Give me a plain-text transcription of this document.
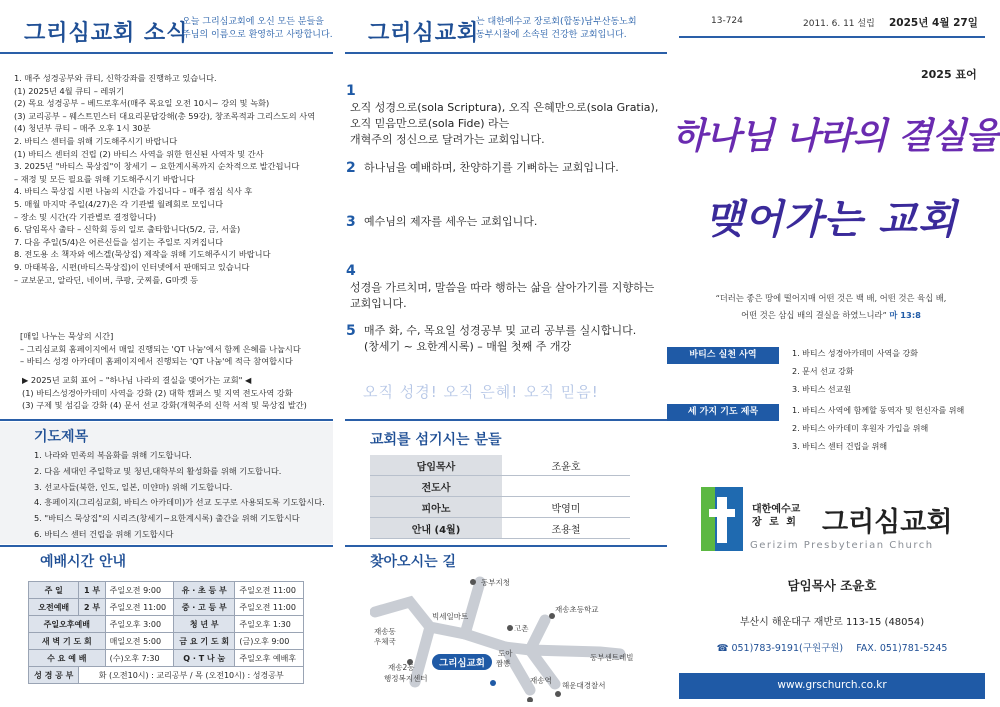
그리심교회 소식
오늘 그리심교회에 오신 모든 분들을
주님의 이름으로 환영하고 사랑합니다.
1. 매주 성경공부와 큐티, 신학강좌를 진행하고 있습니다.
(1) 2025년 4월 큐티 – 레위기
(2) 목요 성경공부 – 베드로후서(매주 목요일 오전 10시~ 강의 및 녹화)
(3) 교리공부 – 웨스트민스터 대요리문답강해(총 59강), 창조목적과 그리스도의 사역
(4) 청년부 큐티 – 매주 오후 1시 30분
2. 바티스 센터를 위해 기도해주시기 바랍니다
(1) 바티스 센터의 건립 (2) 바티스 사역을 위한 헌신된 사역자 및 간사
3. 2025년 "바티스 묵상집"이 창세기 ~ 요한계시록까지 순차적으로 발간됩니다
– 재정 및 모든 필요를 위해 기도해주시기 바랍니다
4. 바티스 묵상집 시편 나눔의 시간을 가집니다 – 매주 점심 식사 후
5. 매월 마지막 주일(4/27)은 각 기관별 월례회로 모입니다
– 장소 및 시간(각 기관별로 결정합니다)
6. 담임목사 출타 – 신학회 등의 일로 출타합니다(5/2, 금, 서울)
7. 다음 주일(5/4)은 어른신들을 섬기는 주일로 지켜집니다
8. 전도용 소 책자와 에스겔(묵상집) 제작을 위해 기도해주시기 바랍니다
9. 마태복음, 시편(바티스묵상집)이 인터넷에서 판매되고 있습니다
– 교보문고, 알라딘, 네이버, 쿠팡, 굿찌를, G마켓 등
[매일 나누는 묵상의 시간]
– 그리심교회 홈페이지에서 매일 진행되는 'QT 나눔'에서 함께 은혜를 나눕시다
– 바티스 성경 아카데미 홈페이지에서 진행되는 'QT 나눔'에 적극 참여합시다
▶ 2025년 교회 표어 – "하나님 나라의 결실을 맺어가는 교회" ◀
(1) 바티스성경아카데미 사역을 강화 (2) 대학 캠퍼스 및 지역 전도사역 강화
(3) 구제 및 섬김을 강화 (4) 문서 선교 강화(개혁주의 신학 서적 및 묵상집 발간)
기도제목
1. 나라와 민족의 복음화를 위해 기도합니다.
2. 다음 세대인 주일학교 및 청년,대학부의 활성화를 위해 기도합니다.
3. 선교사들(북한, 인도, 일본, 미얀마) 위해 기도합니다.
4. 흥페이지(그리심교회, 바티스 아카데미)가 선교 도구로 사용되도록 기도합시다.
5. "바티스 묵상집"의 시리즈(창세기~요한계시록) 출간을 위해 기도합시다
6. 바티스 센터 건립을 위해 기도합시다
예배시간 안내
주 일	1 부	주일오전 9:00	유 · 초 등 부	주일오전 11:00
오전예배	2 부	주일오전 11:00	중 · 고 등 부	주일오전 11:00
주일오후예배		주일오후 3:00	청 년 부	주일오후 1:30
새 벽 기 도 회		매일오전 5:00	금 요 기 도 회	(금)오후 9:00
수 요 예 배		(수)오후 7:30	Q · T 나 눔	주일오후 예배후
성 경 공 부	화 (오전10시) : 교리공부 / 목 (오전10시) : 성경공부			
그리심교회
는 대한예수교 장로회(합동)남부산동노회
동부시찰에 소속된 건강한 교회입니다.
1
오직 성경으로(sola Scriptura), 오직 은혜만으로(sola Gratia),
오직 믿음만으로(sola Fide) 라는
개혁주의 정신으로 달려가는 교회입니다.
2 하나님을 예배하며, 찬양하기를 기뻐하는 교회입니다.
3 예수님의 제자를 세우는 교회입니다.
4
성경을 가르치며, 말씀을 따라 행하는 삶을 살아가기를 지향하는
교회입니다.
5 매주 화, 수, 목요일 성경공부 및 교리 공부를 실시합니다.
(창세기 ~ 요한계시록) – 매월 첫째 주 개강
오직 성경! 오직 은혜! 오직 믿음!
교회를 섬기시는 분들
담임목사	조윤호
전도사	
피아노	박영미
안내 (4월)	조용철
찾아오시는 길
그리심교회
동부지청
빅세일마트
재송초등학교
고촌
재송동
우체국
도아
짬뽕
동부센트레빌
재송2동
행정복지센터	재송역
해운대경찰서
13-724	2011. 6. 11 설립 2025년 4월 27일
2025 표어
하나님 나라의 결실을
맺어가는 교회
“더러는 좋은 땅에 떨어지매 어떤 것은 백 배, 어떤 것은 육십 배,
어떤 것은 삼십 배의 결실을 하였느니라” 마 13:8
바티스 실천 사역	1. 바티스 성경아카데미 사역을 강화
2. 문서 선교 강화
3. 바티스 선교원
세 가지 기도 제목	1. 바티스 사역에 함께할 동역자 및 헌신자를 위해
2. 바티스 아카데미 후원자 가입을 위해
3. 바티스 센터 건립을 위해
대한예수교
장 로 회 그리심교회
Gerizim Presbyterian Church
담임목사 조윤호
부산시 해운대구 재반로 113-15 (48054)
☎ 051)783-9191(구원구원) FAX. 051)781-5245
www.grschurch.co.kr
